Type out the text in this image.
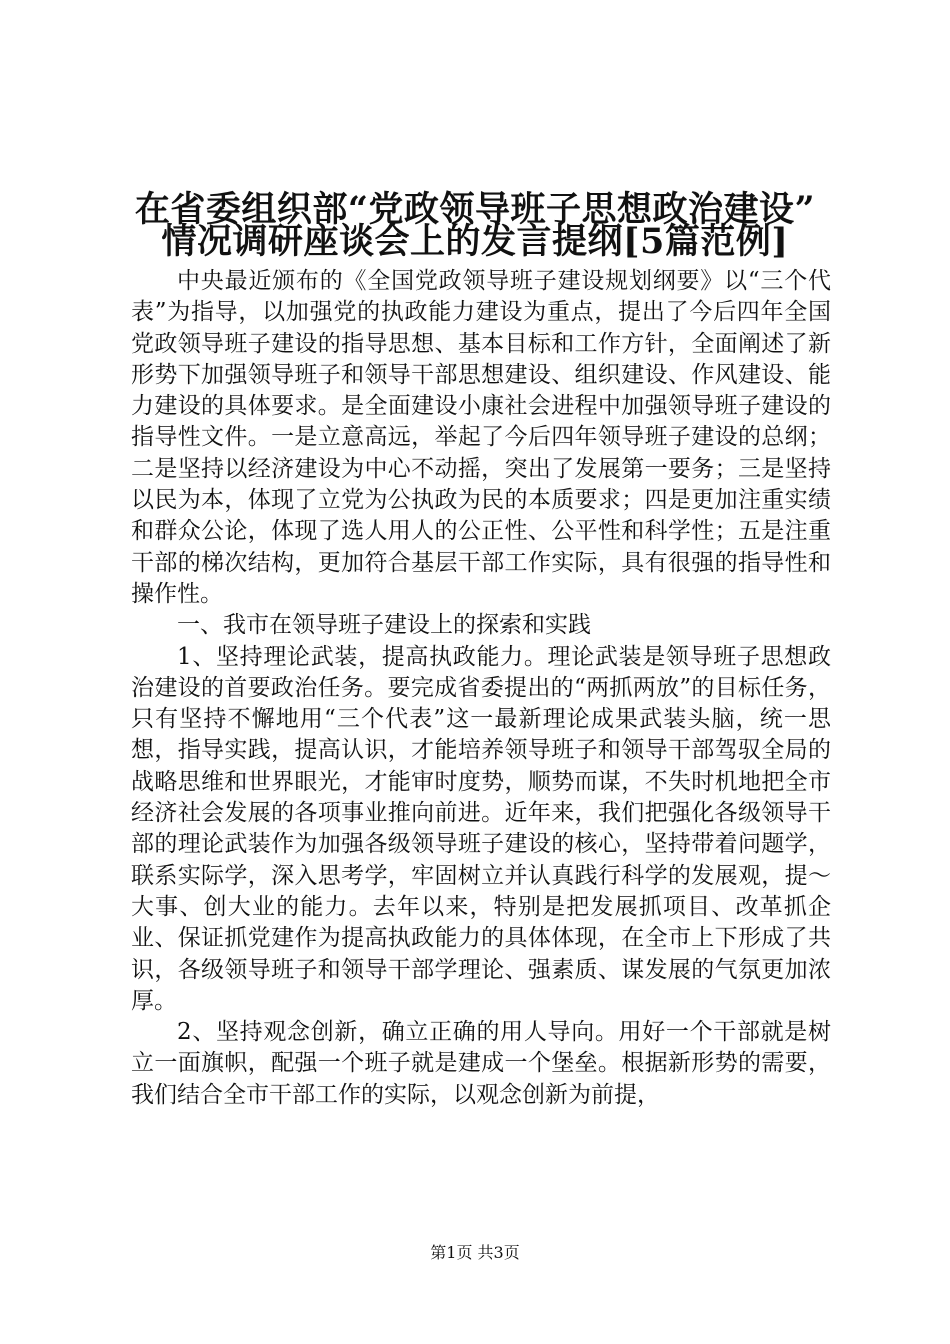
在省委组织部“党政领导班子思想政治建设”
情况调研座谈会上的发言提纲[5篇范例]

中央最近颁布的《全国党政领导班子建设规划纲要》以“三个代表”为指导，以加强党的执政能力建设为重点，提出了今后四年全国党政领导班子建设的指导思想、基本目标和工作方针，全面阐述了新形势下加强领导班子和领导干部思想建设、组织建设、作风建设、能力建设的具体要求。是全面建设小康社会进程中加强领导班子建设的指导性文件。一是立意高远，举起了今后四年领导班子建设的总纲；二是坚持以经济建设为中心不动摇，突出了发展第一要务；三是坚持以民为本，体现了立党为公执政为民的本质要求；四是更加注重实绩和群众公论，体现了选人用人的公正性、公平性和科学性；五是注重干部的梯次结构，更加符合基层干部工作实际，具有很强的指导性和操作性。

一、我市在领导班子建设上的探索和实践

1、坚持理论武装，提高执政能力。理论武装是领导班子思想政治建设的首要政治任务。要完成省委提出的“两抓两放”的目标任务，只有坚持不懈地用“三个代表”这一最新理论成果武装头脑，统一思想，指导实践，提高认识，才能培养领导班子和领导干部驾驭全局的战略思维和世界眼光，才能审时度势，顺势而谋，不失时机地把全市经济社会发展的各项事业推向前进。近年来，我们把强化各级领导干部的理论武装作为加强各级领导班子建设的核心，坚持带着问题学，联系实际学，深入思考学，牢固树立并认真践行科学的发展观，提～大事、创大业的能力。去年以来，特别是把发展抓项目、改革抓企业、保证抓党建作为提高执政能力的具体体现，在全市上下形成了共识，各级领导班子和领导干部学理论、强素质、谋发展的气氛更加浓厚。

2、坚持观念创新，确立正确的用人导向。用好一个干部就是树立一面旗帜，配强一个班子就是建成一个堡垒。根据新形势的需要，我们结合全市干部工作的实际，以观念创新为前提，

第1页 共3页
